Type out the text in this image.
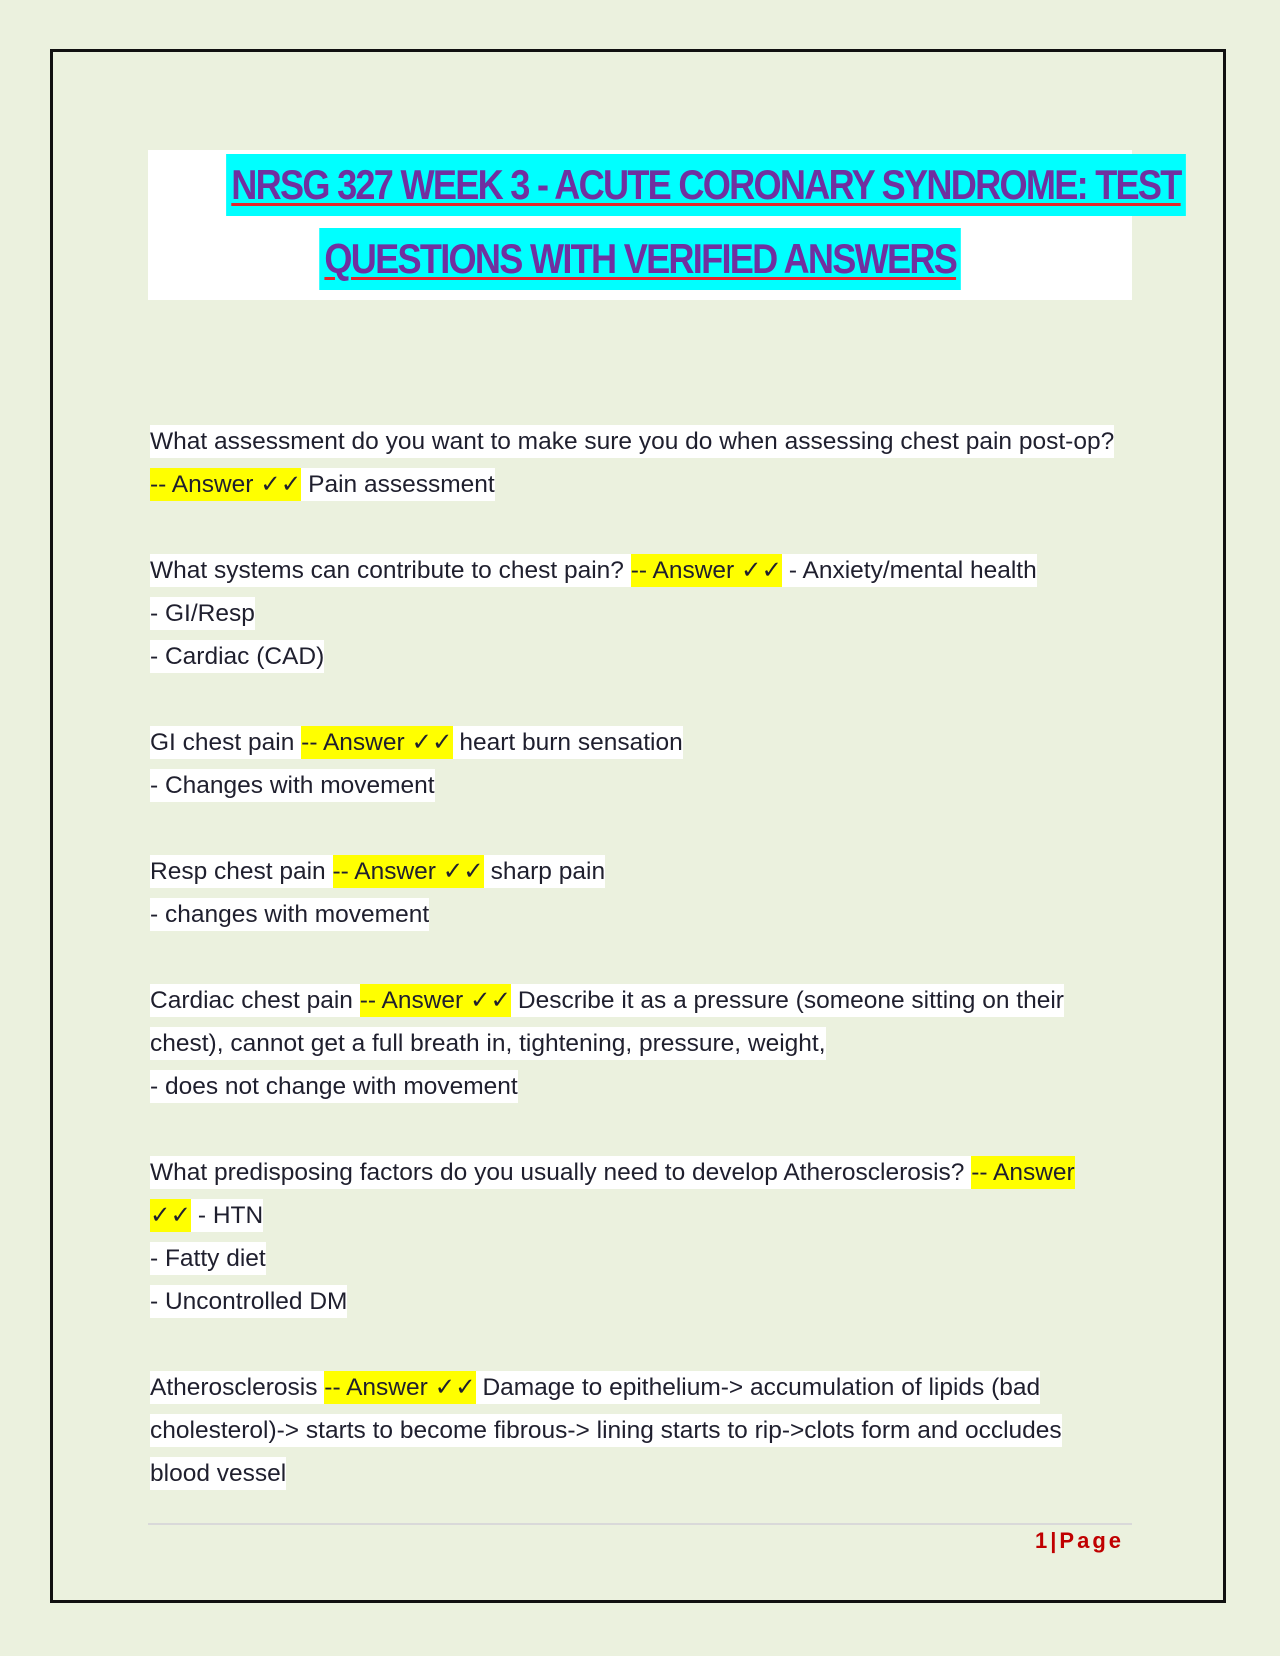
NRSG 327 WEEK 3 - ACUTE CORONARY SYNDROME: TEST
QUESTIONS WITH VERIFIED ANSWERS
What assessment do you want to make sure you do when assessing chest pain post-op?
-- Answer ✓✓ Pain assessment
What systems can contribute to chest pain? -- Answer ✓✓ - Anxiety/mental health
- GI/Resp
- Cardiac (CAD)
GI chest pain -- Answer ✓✓ heart burn sensation
- Changes with movement
Resp chest pain -- Answer ✓✓ sharp pain
- changes with movement
Cardiac chest pain -- Answer ✓✓ Describe it as a pressure (someone sitting on their
chest), cannot get a full breath in, tightening, pressure, weight,
- does not change with movement
What predisposing factors do you usually need to develop Atherosclerosis? -- Answer
✓✓ - HTN
- Fatty diet
- Uncontrolled DM
Atherosclerosis -- Answer ✓✓ Damage to epithelium-> accumulation of lipids (bad
cholesterol)-> starts to become fibrous-> lining starts to rip->clots form and occludes
blood vessel
1|Page
